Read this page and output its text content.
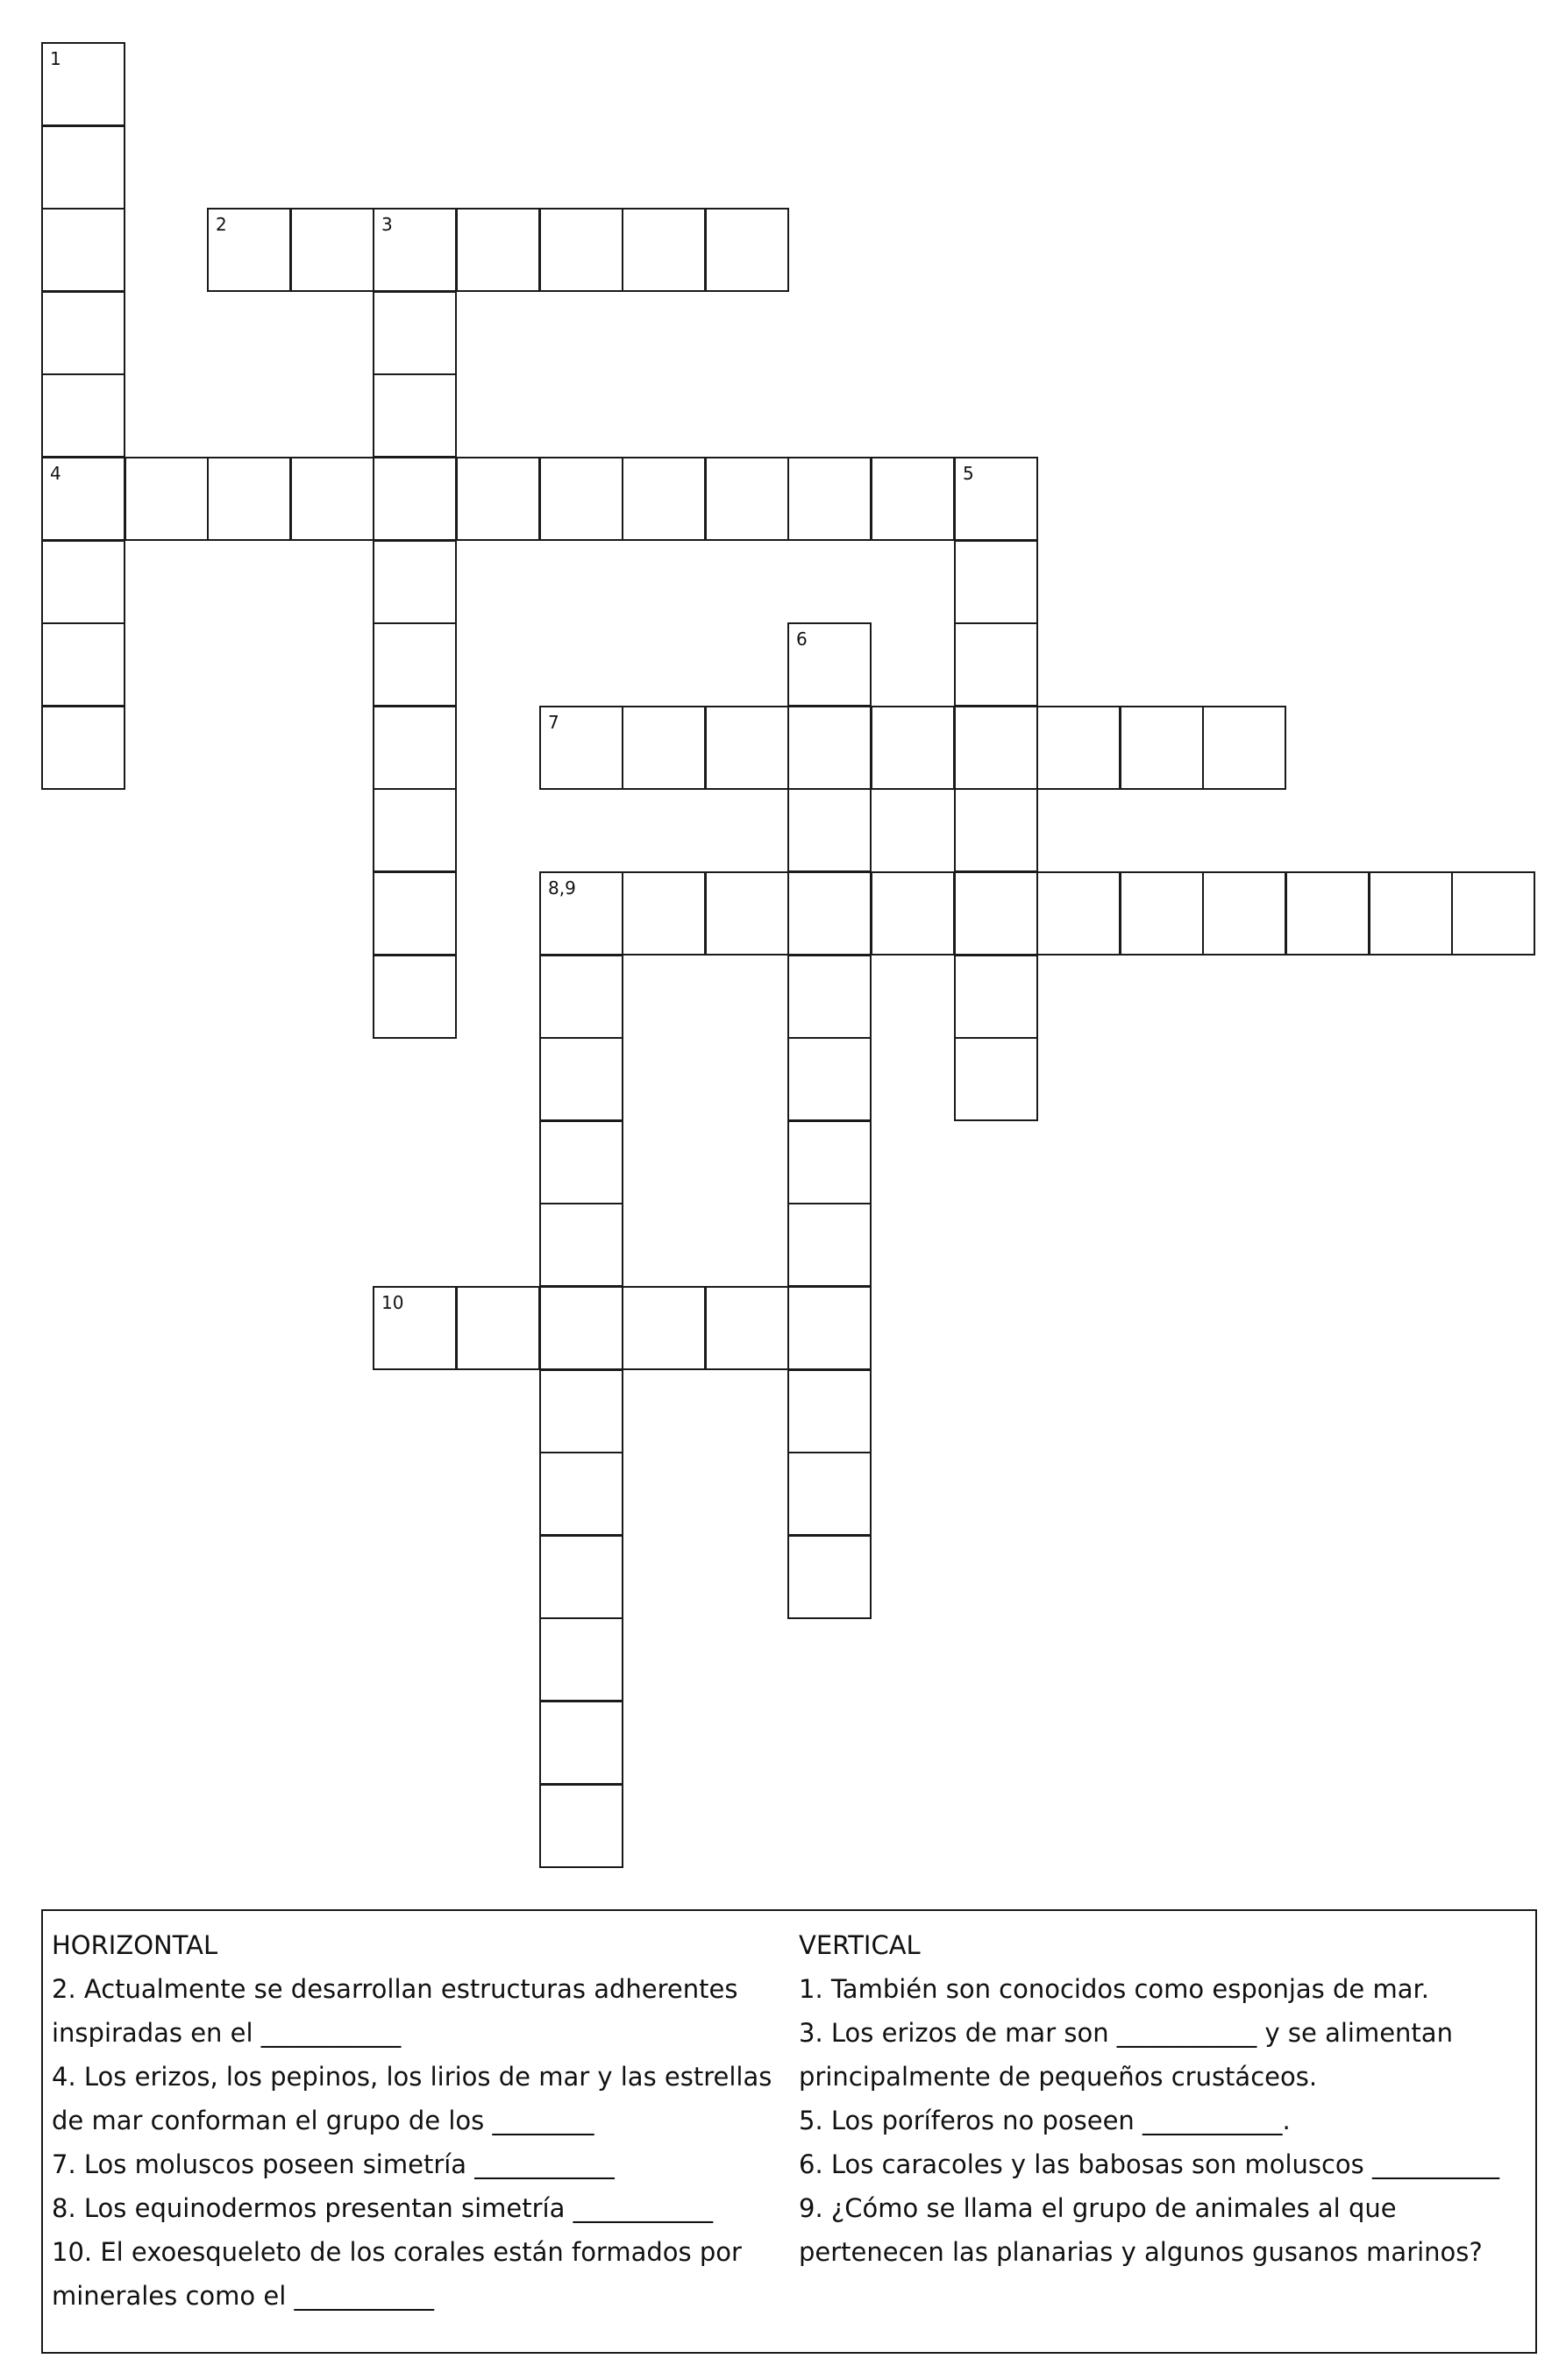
1
4
2	3
5
6
7
8,9
10
HORIZONTAL
2. Actualmente se desarrollan estructuras adherentes inspiradas en el ___________
4. Los erizos, los pepinos, los lirios de mar y las estrellas de mar conforman el grupo de los ________
7. Los moluscos poseen simetría ___________
8. Los equinodermos presentan simetría ___________
10. El exoesqueleto de los corales están formados por minerales como el ___________
VERTICAL
1. También son conocidos como esponjas de mar.
3. Los erizos de mar son ___________ y se alimentan principalmente de pequeños crustáceos.
5. Los poríferos no poseen ___________.
6. Los caracoles y las babosas son moluscos __________
9. ¿Cómo se llama el grupo de animales al que pertenecen las planarias y algunos gusanos marinos?
